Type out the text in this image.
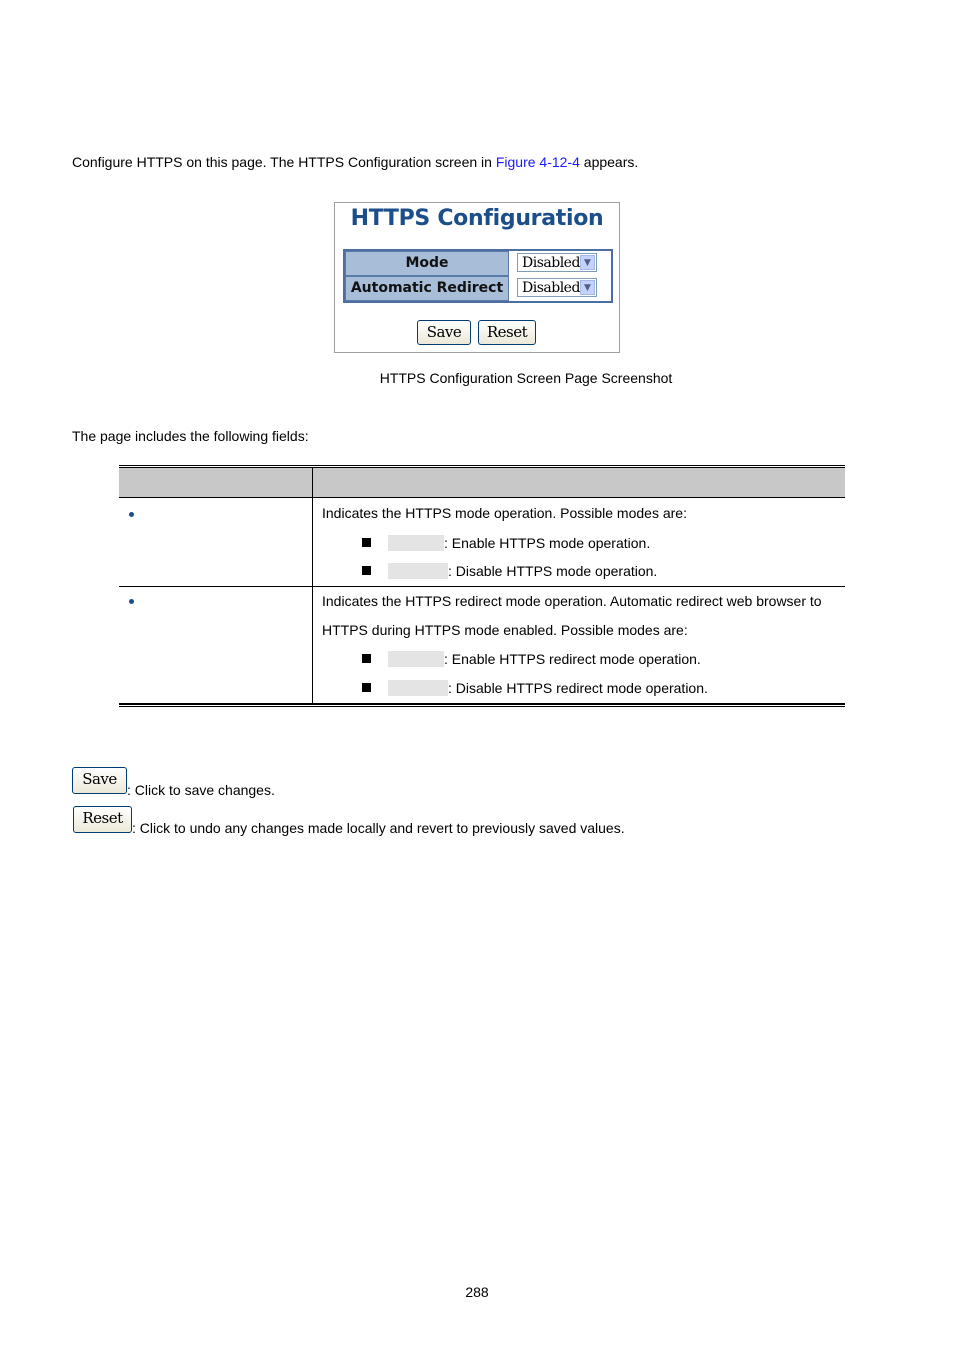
Configure HTTPS on this page. The HTTPS Configuration screen in Figure 4-12-4 appears.
HTTPS Configuration
Mode	Disabled ▼
Automatic Redirect	Disabled ▼
Save	Reset
HTTPS Configuration Screen Page Screenshot
The page includes the following fields:
Indicates the HTTPS mode operation. Possible modes are:
: Enable HTTPS mode operation.
: Disable HTTPS mode operation.
Indicates the HTTPS redirect mode operation. Automatic redirect web browser to
HTTPS during HTTPS mode enabled. Possible modes are:
: Enable HTTPS redirect mode operation.
: Disable HTTPS redirect mode operation.
Save
: Click to save changes.
Reset
: Click to undo any changes made locally and revert to previously saved values.
288
